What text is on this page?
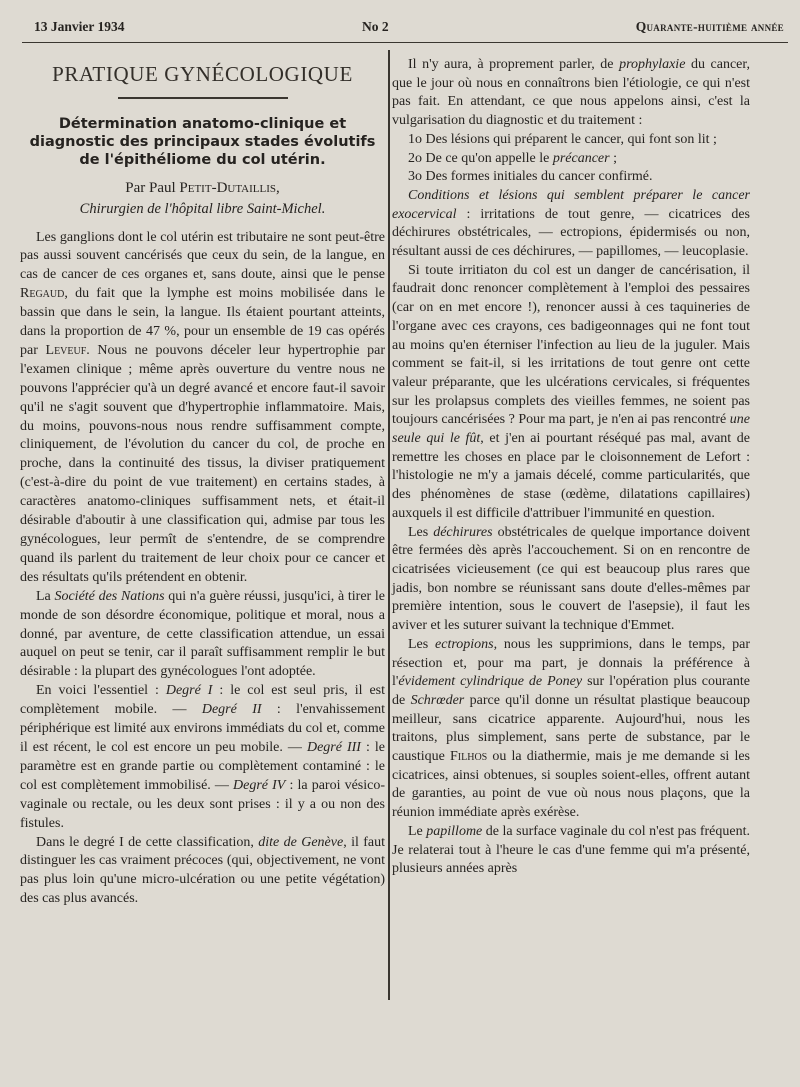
13 Janvier 1934	No 2	Quarante-huitième année
PRATIQUE GYNÉCOLOGIQUE
Détermination anatomo-clinique et diagnostic des principaux stades évolutifs de l'épithéliome du col utérin.
Par Paul Petit-Dutaillis,
Chirurgien de l'hôpital libre Saint-Michel.

Les ganglions dont le col utérin est tributaire ne sont peut-être pas aussi souvent cancérisés que ceux du sein, de la langue, en cas de cancer de ces organes et, sans doute, ainsi que le pense Regaud, du fait que la lymphe est moins mobilisée dans le bassin que dans le sein, la langue. Ils étaient pourtant atteints, dans la proportion de 47 %, pour un ensemble de 19 cas opérés par Leveuf. Nous ne pouvons déceler leur hypertrophie par l'examen clinique ; même après ouverture du ventre nous ne pouvons l'apprécier qu'à un degré avancé et encore faut-il savoir qu'il ne s'agit souvent que d'hypertrophie inflammatoire. Mais, du moins, pouvons-nous nous rendre suffisamment compte, cliniquement, de l'évolution du cancer du col, de proche en proche, dans la continuité des tissus, la diviser pratiquement (c'est-à-dire du point de vue traitement) en certains stades, à caractères anatomo-cliniques suffisamment nets, et était-il désirable d'aboutir à une classification qui, admise par tous les gynécologues, leur permît de s'entendre, de se comprendre quand ils parlent du traitement de leur choix pour ce cancer et des résultats qu'ils prétendent en obtenir.

La Société des Nations qui n'a guère réussi, jusqu'ici, à tirer le monde de son désordre économique, politique et moral, nous a donné, par aventure, de cette classification attendue, un essai auquel on peut se tenir, car il paraît suffisamment remplir le but désirable : la plupart des gynécologues l'ont adoptée.

En voici l'essentiel : Degré I : le col est seul pris, il est complètement mobile. — Degré II : l'envahissement périphérique est limité aux environs immédiats du col et, comme il est récent, le col est encore un peu mobile. — Degré III : le paramètre est en grande partie ou complètement contaminé : le col est complètement immobilisé. — Degré IV : la paroi vésico-vaginale ou rectale, ou les deux sont prises : il y a ou non des fistules.

Dans le degré I de cette classification, dite de Genève, il faut distinguer les cas vraiment précoces (qui, objectivement, ne vont pas plus loin qu'une micro-ulcération ou une petite végétation) des cas plus avancés.

Il n'y aura, à proprement parler, de prophylaxie du cancer, que le jour où nous en connaîtrons bien l'étiologie, ce qui n'est pas fait. En attendant, ce que nous appelons ainsi, c'est la vulgarisation du diagnostic et du traitement :

1o Des lésions qui préparent le cancer, qui font son lit ;

2o De ce qu'on appelle le précancer ;

3o Des formes initiales du cancer confirmé.

Conditions et lésions qui semblent préparer le cancer exocervical : irritations de tout genre, — cicatrices des déchirures obstétricales, — ectropions, épidermisés ou non, résultant aussi de ces déchirures, — papillomes, — leucoplasie.

Si toute irritiaton du col est un danger de cancérisation, il faudrait donc renoncer complètement à l'emploi des pessaires (car on en met encore !), renoncer aussi à ces taquineries de l'organe avec ces crayons, ces badigeonnages qui ne font tout au moins qu'en éterniser l'infection au lieu de la juguler. Mais comment se fait-il, si les irritations de tout genre ont cette valeur préparante, que les ulcérations cervicales, si fréquentes sur les prolapsus complets des vieilles femmes, ne soient pas toujours cancérisées ? Pour ma part, je n'en ai pas rencontré une seule qui le fût, et j'en ai pourtant réséqué pas mal, avant de remettre les choses en place par le cloisonnement de Lefort : l'histologie ne m'y a jamais décelé, comme particularités, que des phénomènes de stase (œdème, dilatations capillaires) auxquels il est difficile d'attribuer l'immunité en question.

Les déchirures obstétricales de quelque importance doivent être fermées dès après l'accouchement. Si on en rencontre de cicatrisées vicieusement (ce qui est beaucoup plus rares que jadis, bon nombre se réunissant sans doute d'elles-mêmes par première intention, sous le couvert de l'asepsie), il faut les aviver et les suturer suivant la technique d'Emmet.

Les ectropions, nous les supprimions, dans le temps, par résection et, pour ma part, je donnais la préférence à l'évidement cylindrique de Poney sur l'opération plus courante de Schrœder parce qu'il donne un résultat plastique beaucoup meilleur, sans cicatrice apparente. Aujourd'hui, nous les traitons, plus simplement, sans perte de substance, par le caustique Filhos ou la diathermie, mais je me demande si les cicatrices, ainsi obtenues, si souples soient-elles, offrent autant de garanties, au point de vue où nous nous plaçons, que la réunion immédiate après exérèse.

Le papillome de la surface vaginale du col n'est pas fréquent. Je relaterai tout à l'heure le cas d'une femme qui m'a présenté, plusieurs années après
